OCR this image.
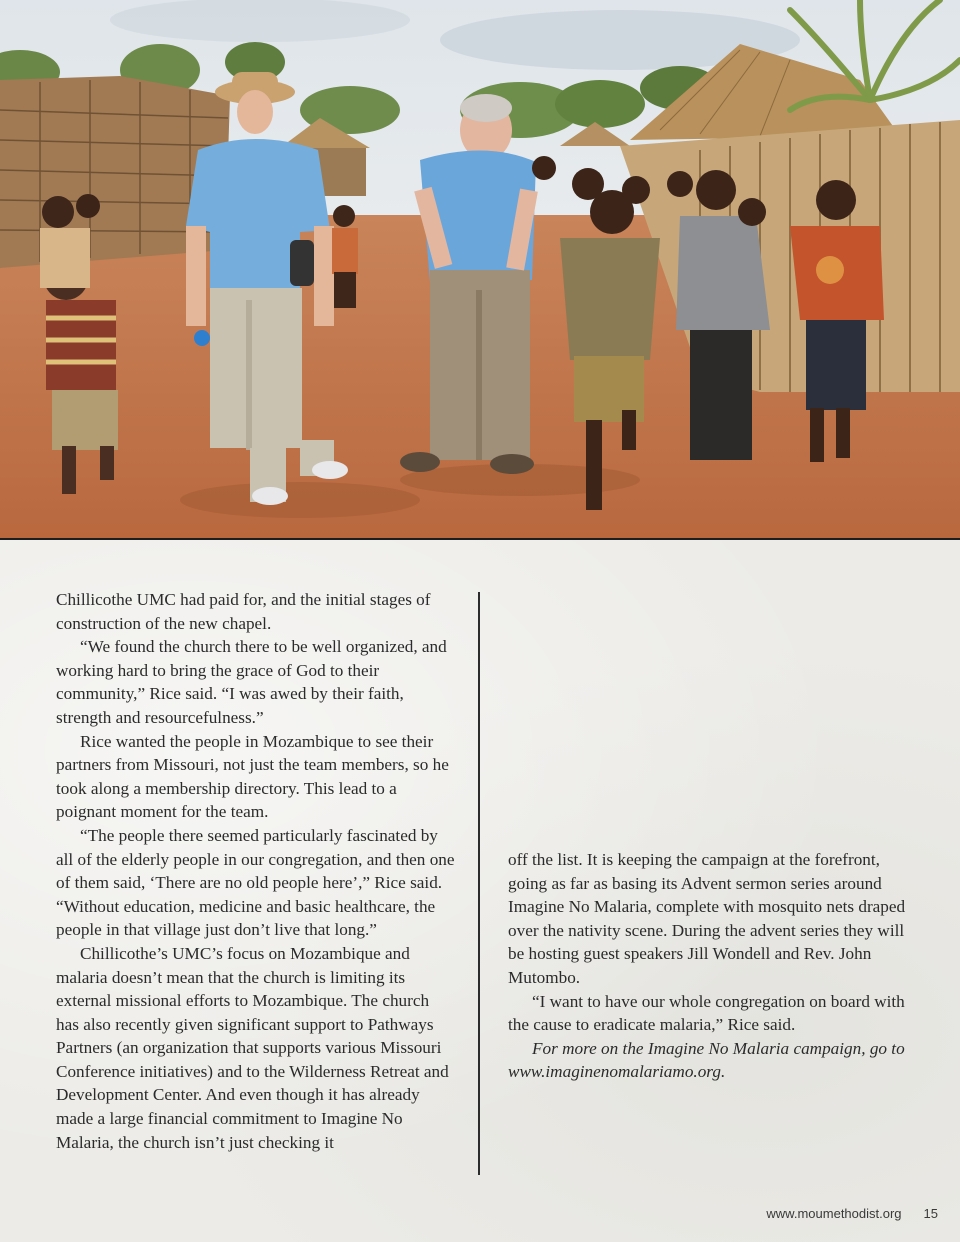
Chillicothe UMC had paid for, and the initial stages of construction of the new chapel.

“We found the church there to be well organized, and working hard to bring the grace of God to their community,” Rice said. “I was awed by their faith, strength and resourcefulness.”

Rice wanted the people in Mozambique to see their partners from Missouri, not just the team members, so he took along a membership directory. This lead to a poignant moment for the team.

“The people there seemed particularly fascinated by all of the elderly people in our congregation, and then one of them said, ‘There are no old people here’,” Rice said. “Without education, medicine and basic healthcare, the people in that village just don’t live that long.”

Chillicothe’s UMC’s focus on Mozambique and malaria doesn’t mean that the church is limiting its external missional efforts to Mozambique. The church has also recently given significant support to Pathways Partners (an organization that supports various Missouri Conference initiatives) and to the Wilderness Retreat and Development Center. And even though it has already made a large financial commitment to Imagine No Malaria, the church isn’t just checking it

off the list. It is keeping the campaign at the forefront, going as far as basing its Advent sermon series around Imagine No Malaria, complete with mosquito nets draped over the nativity scene. During the advent series they will be hosting guest speakers Jill Wondell and Rev. John Mutombo.

“I want to have our whole congregation on board with the cause to eradicate malaria,” Rice said.

For more on the Imagine No Malaria campaign, go to www.imaginenomalariamo.org.

www.moumethodist.org 15
